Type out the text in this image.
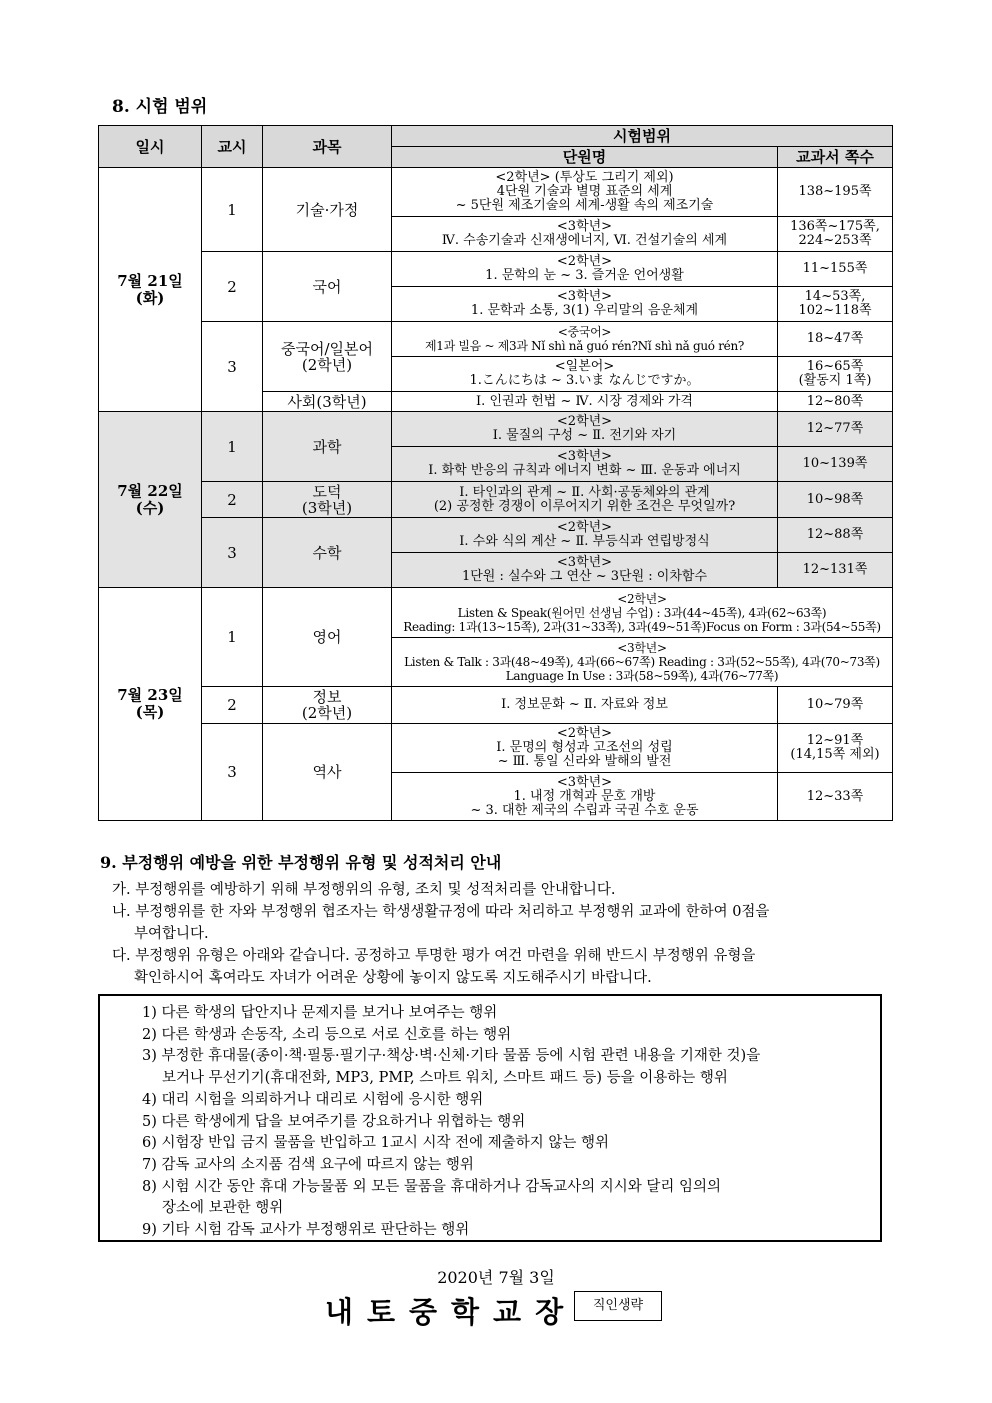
8. 시험 범위
일시	교시	과목	시험범위	
			단원명	교과서 쪽수

7월 21일
(화)	1	기술·가정	<2학년> (투상도 그리기 제외)
4단원 기술과 별명 표준의 세계
~ 5단원 제조기술의 세계-생활 속의 제조기술	138~195쪽

			<3학년>
Ⅳ. 수송기술과 신재생에너지, Ⅵ. 건설기술의 세계	136쪽~175쪽,
224~253쪽

	2	국어	<2학년>
1. 문학의 눈 ~ 3. 즐거운 언어생활	11~155쪽

			<3학년>
1. 문학과 소통, 3(1) 우리말의 음운체계	14~53쪽,
102~118쪽

	3	중국어/일본어
(2학년)	<중국어>
제1과 빌음 ~ 제3과 Nǐ shì nǎ guó rén?Nǐ shì nǎ guó rén?	18~47쪽

			<일본어>
1.こんにちは ~ 3.いま なんじですか。	16~65쪽
(활동지 1쪽)

		사회(3학년)	Ⅰ. 인권과 헌법 ~ Ⅳ. 시장 경제와 가격	12~80쪽

7월 22일
(수)	1	과학	<2학년>
Ⅰ. 물질의 구성 ~ Ⅱ. 전기와 자기	12~77쪽

			<3학년>
Ⅰ. 화학 반응의 규칙과 에너지 변화 ~ Ⅲ. 운동과 에너지	10~139쪽
	2	도덕
(3학년)	Ⅰ. 타인과의 관계 ~ Ⅱ. 사회·공동체와의 관계
(2) 공정한 경쟁이 이루어지기 위한 조건은 무엇일까?	10~98쪽
	3	수학	<2학년>
Ⅰ. 수와 식의 계산 ~ Ⅱ. 부등식과 연립방정식	12~88쪽

			<3학년>
1단원 : 실수와 그 연산 ~ 3단원 : 이차함수	12~131쪽

7월 23일
(목)	1	영어	<2학년>
Listen & Speak(원어민 선생님 수업) : 3과(44~45쪽), 4과(62~63쪽)
Reading: 1과(13~15쪽), 2과(31~33쪽), 3과(49~51쪽)Focus on Form : 3과(54~55쪽)	

			<3학년>
Listen & Talk : 3과(48~49쪽), 4과(66~67쪽) Reading : 3과(52~55쪽), 4과(70~73쪽)
Language In Use : 3과(58~59쪽), 4과(76~77쪽)	

	2	정보
(2학년)	Ⅰ. 정보문화 ~ Ⅱ. 자료와 정보	10~79쪽
	3	역사	<2학년>
Ⅰ. 문명의 형성과 고조선의 성립
~ Ⅲ. 통일 신라와 발해의 발전	12~91쪽
(14,15쪽 제외)

			<3학년>
1. 내정 개혁과 문호 개방
~ 3. 대한 제국의 수립과 국권 수호 운동	12~33쪽
9. 부정행위 예방을 위한 부정행위 유형 및 성적처리 안내
가. 부정행위를 예방하기 위해 부정행위의 유형, 조치 및 성적처리를 안내합니다.
나. 부정행위를 한 자와 부정행위 협조자는 학생생활규정에 따라 처리하고 부정행위 교과에 한하여 0점을
부여합니다.
다. 부정행위 유형은 아래와 같습니다. 공정하고 투명한 평가 여건 마련을 위해 반드시 부정행위 유형을
확인하시어 혹여라도 자녀가 어려운 상황에 놓이지 않도록 지도해주시기 바랍니다.
1) 다른 학생의 답안지나 문제지를 보거나 보여주는 행위
2) 다른 학생과 손동작, 소리 등으로 서로 신호를 하는 행위
3) 부정한 휴대물(종이·책·필통·필기구·책상·벽·신체·기타 물품 등에 시험 관련 내용을 기재한 것)을
보거나 무선기기(휴대전화, MP3, PMP, 스마트 워치, 스마트 패드 등) 등을 이용하는 행위
4) 대리 시험을 의뢰하거나 대리로 시험에 응시한 행위
5) 다른 학생에게 답을 보여주기를 강요하거나 위협하는 행위
6) 시험장 반입 금지 물품을 반입하고 1교시 시작 전에 제출하지 않는 행위
7) 감독 교사의 소지품 검색 요구에 따르지 않는 행위
8) 시험 시간 동안 휴대 가능물품 외 모든 물품을 휴대하거나 감독교사의 지시와 달리 임의의
장소에 보관한 행위
9) 기타 시험 감독 교사가 부정행위로 판단하는 행위
2020년 7월 3일
내토중학교장	직인생략
